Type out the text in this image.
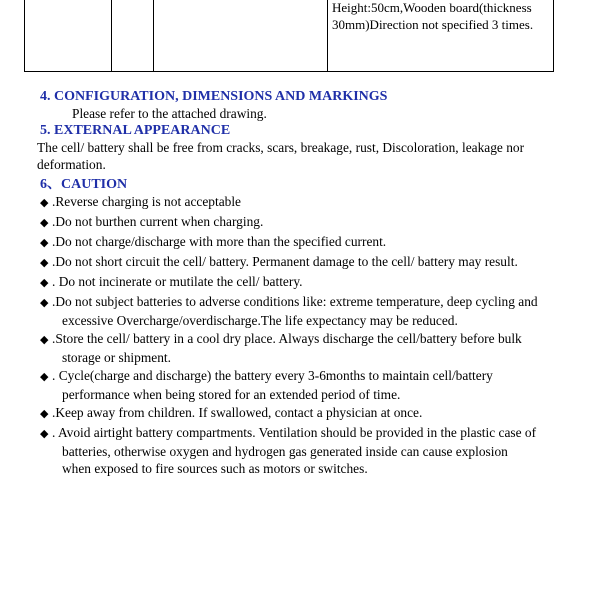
			Height:50cm,Wooden board(thickness 30mm)Direction not specified 3 times.
4. CONFIGURATION, DIMENSIONS AND MARKINGS

Please refer to the attached drawing.

5. EXTERNAL APPEARANCE

The cell/ battery shall be free from cracks, scars, breakage, rust, Discoloration, leakage nor deformation.

6、CAUTION
◆ .Reverse charging is not acceptable
◆ .Do not burthen current when charging.
◆ .Do not charge/discharge with more than the specified current.
◆ .Do not short circuit the cell/ battery. Permanent damage to the cell/ battery may result.
◆ . Do not incinerate or mutilate the cell/ battery.
◆ .Do not subject batteries to adverse conditions like: extreme temperature, deep cycling and excessive Overcharge/overdischarge.The life expectancy may be reduced.
◆ .Store the cell/ battery in a cool dry place. Always discharge the cell/battery before bulk storage or shipment.
◆ . Cycle(charge and discharge) the battery every 3-6months to maintain cell/battery performance when being stored for an extended period of time.
◆ .Keep away from children. If swallowed, contact a physician at once.
◆ . Avoid airtight battery compartments. Ventilation should be provided in the plastic case of batteries, otherwise oxygen and hydrogen gas generated inside can cause explosion when exposed to fire sources such as motors or switches.
